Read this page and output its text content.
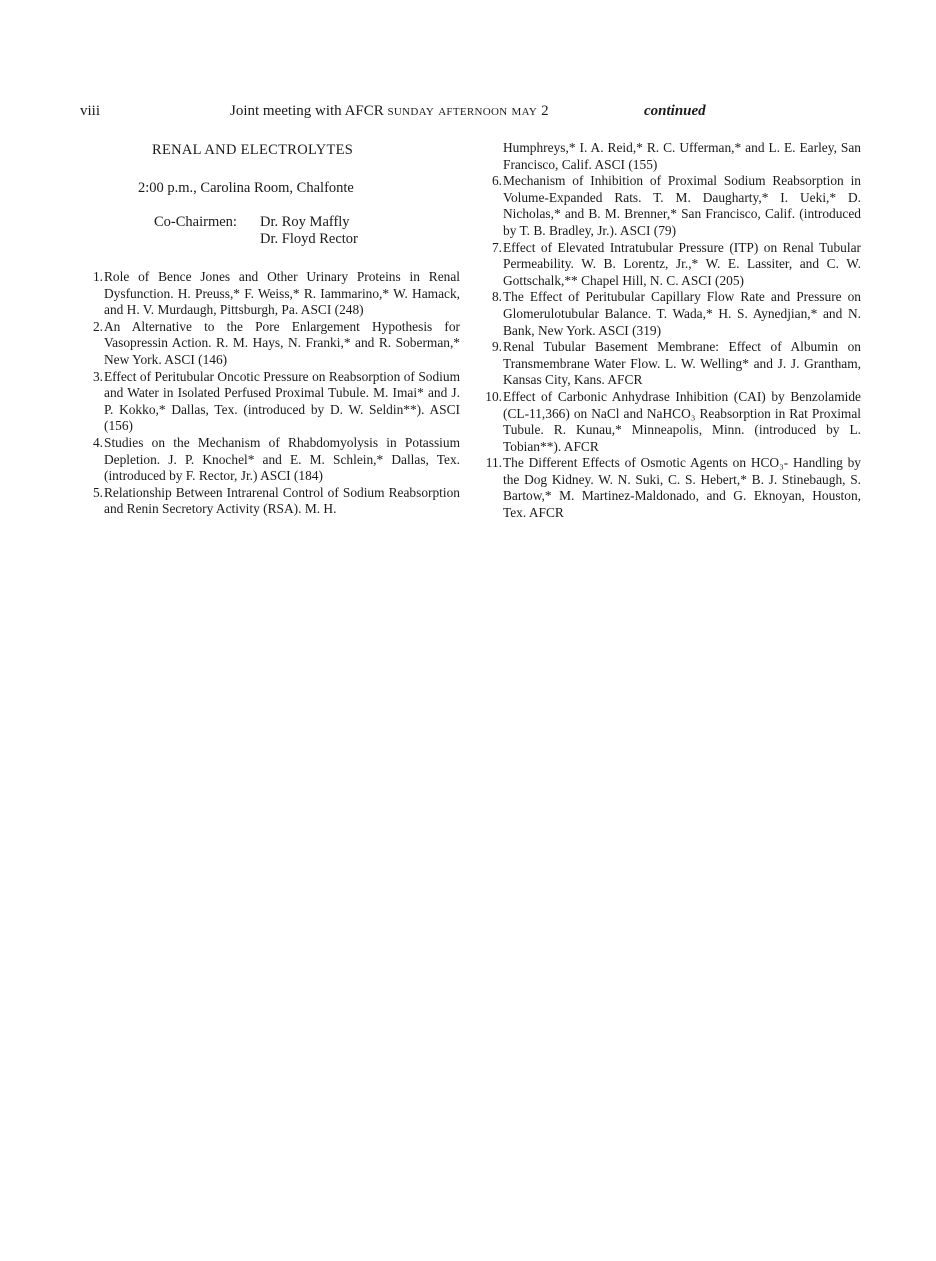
viii	Joint meeting with AFCR sunday afternoon may 2	continued
RENAL AND ELECTROLYTES
2:00 p.m., Carolina Room, Chalfonte
Co-Chairmen:	Dr. Roy Maffly
Dr. Floyd Rector
1. Role of Bence Jones and Other Urinary Proteins in Renal Dysfunction. H. Preuss,* F. Weiss,* R. Iammarino,* W. Hamack, and H. V. Murdaugh, Pittsburgh, Pa. ASCI (248)
2. An Alternative to the Pore Enlargement Hypothesis for Vasopressin Action. R. M. Hays, N. Franki,* and R. Soberman,* New York. ASCI (146)
3. Effect of Peritubular Oncotic Pressure on Reabsorption of Sodium and Water in Isolated Perfused Proximal Tubule. M. Imai* and J. P. Kokko,* Dallas, Tex. (introduced by D. W. Seldin**). ASCI (156)
4. Studies on the Mechanism of Rhabdomyolysis in Potassium Depletion. J. P. Knochel* and E. M. Schlein,* Dallas, Tex. (introduced by F. Rector, Jr.) ASCI (184)
5. Relationship Between Intrarenal Control of Sodium Reabsorption and Renin Secretory Activity (RSA). M. H.
Humphreys,* I. A. Reid,* R. C. Ufferman,* and L. E. Earley, San Francisco, Calif. ASCI (155)
6. Mechanism of Inhibition of Proximal Sodium Reabsorption in Volume-Expanded Rats. T. M. Daugharty,* I. Ueki,* D. Nicholas,* and B. M. Brenner,* San Francisco, Calif. (introduced by T. B. Bradley, Jr.). ASCI (79)
7. Effect of Elevated Intratubular Pressure (ITP) on Renal Tubular Permeability. W. B. Lorentz, Jr.,* W. E. Lassiter, and C. W. Gottschalk,** Chapel Hill, N. C. ASCI (205)
8. The Effect of Peritubular Capillary Flow Rate and Pressure on Glomerulotubular Balance. T. Wada,* H. S. Aynedjian,* and N. Bank, New York. ASCI (319)
9. Renal Tubular Basement Membrane: Effect of Albumin on Transmembrane Water Flow. L. W. Welling* and J. J. Grantham, Kansas City, Kans. AFCR
10. Effect of Carbonic Anhydrase Inhibition (CAI) by Benzolamide (CL-11,366) on NaCl and NaHCO₃ Reabsorption in Rat Proximal Tubule. R. Kunau,* Minneapolis, Minn. (introduced by L. Tobian**). AFCR
11. The Different Effects of Osmotic Agents on HCO₃- Handling by the Dog Kidney. W. N. Suki, C. S. Hebert,* B. J. Stinebaugh, S. Bartow,* M. Martinez-Maldonado, and G. Eknoyan, Houston, Tex. AFCR
